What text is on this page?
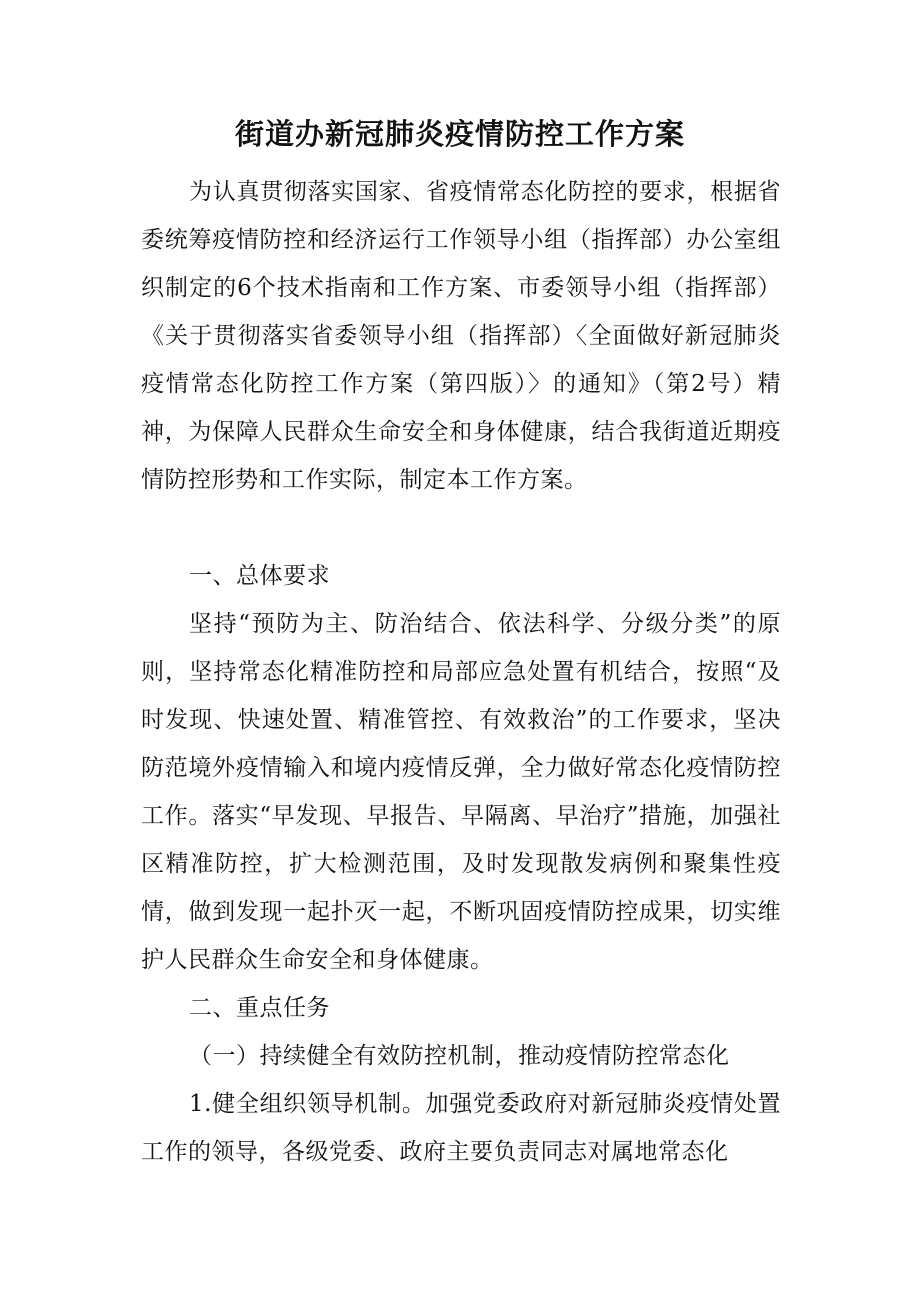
街道办新冠肺炎疫情防控工作方案

为认真贯彻落实国家、省疫情常态化防控的要求，根据省委统筹疫情防控和经济运行工作领导小组（指挥部）办公室组织制定的6个技术指南和工作方案、市委领导小组（指挥部）《关于贯彻落实省委领导小组（指挥部）〈全面做好新冠肺炎疫情常态化防控工作方案（第四版）〉的通知》（第2号）精神，为保障人民群众生命安全和身体健康，结合我街道近期疫情防控形势和工作实际，制定本工作方案。

一、总体要求

坚持“预防为主、防治结合、依法科学、分级分类”的原则，坚持常态化精准防控和局部应急处置有机结合，按照“及时发现、快速处置、精准管控、有效救治”的工作要求，坚决防范境外疫情输入和境内疫情反弹，全力做好常态化疫情防控工作。落实“早发现、早报告、早隔离、早治疗”措施，加强社区精准防控，扩大检测范围，及时发现散发病例和聚集性疫情，做到发现一起扑灭一起，不断巩固疫情防控成果，切实维护人民群众生命安全和身体健康。

二、重点任务

（一）持续健全有效防控机制，推动疫情防控常态化

1.健全组织领导机制。加强党委政府对新冠肺炎疫情处置工作的领导，各级党委、政府主要负责同志对属地常态化
